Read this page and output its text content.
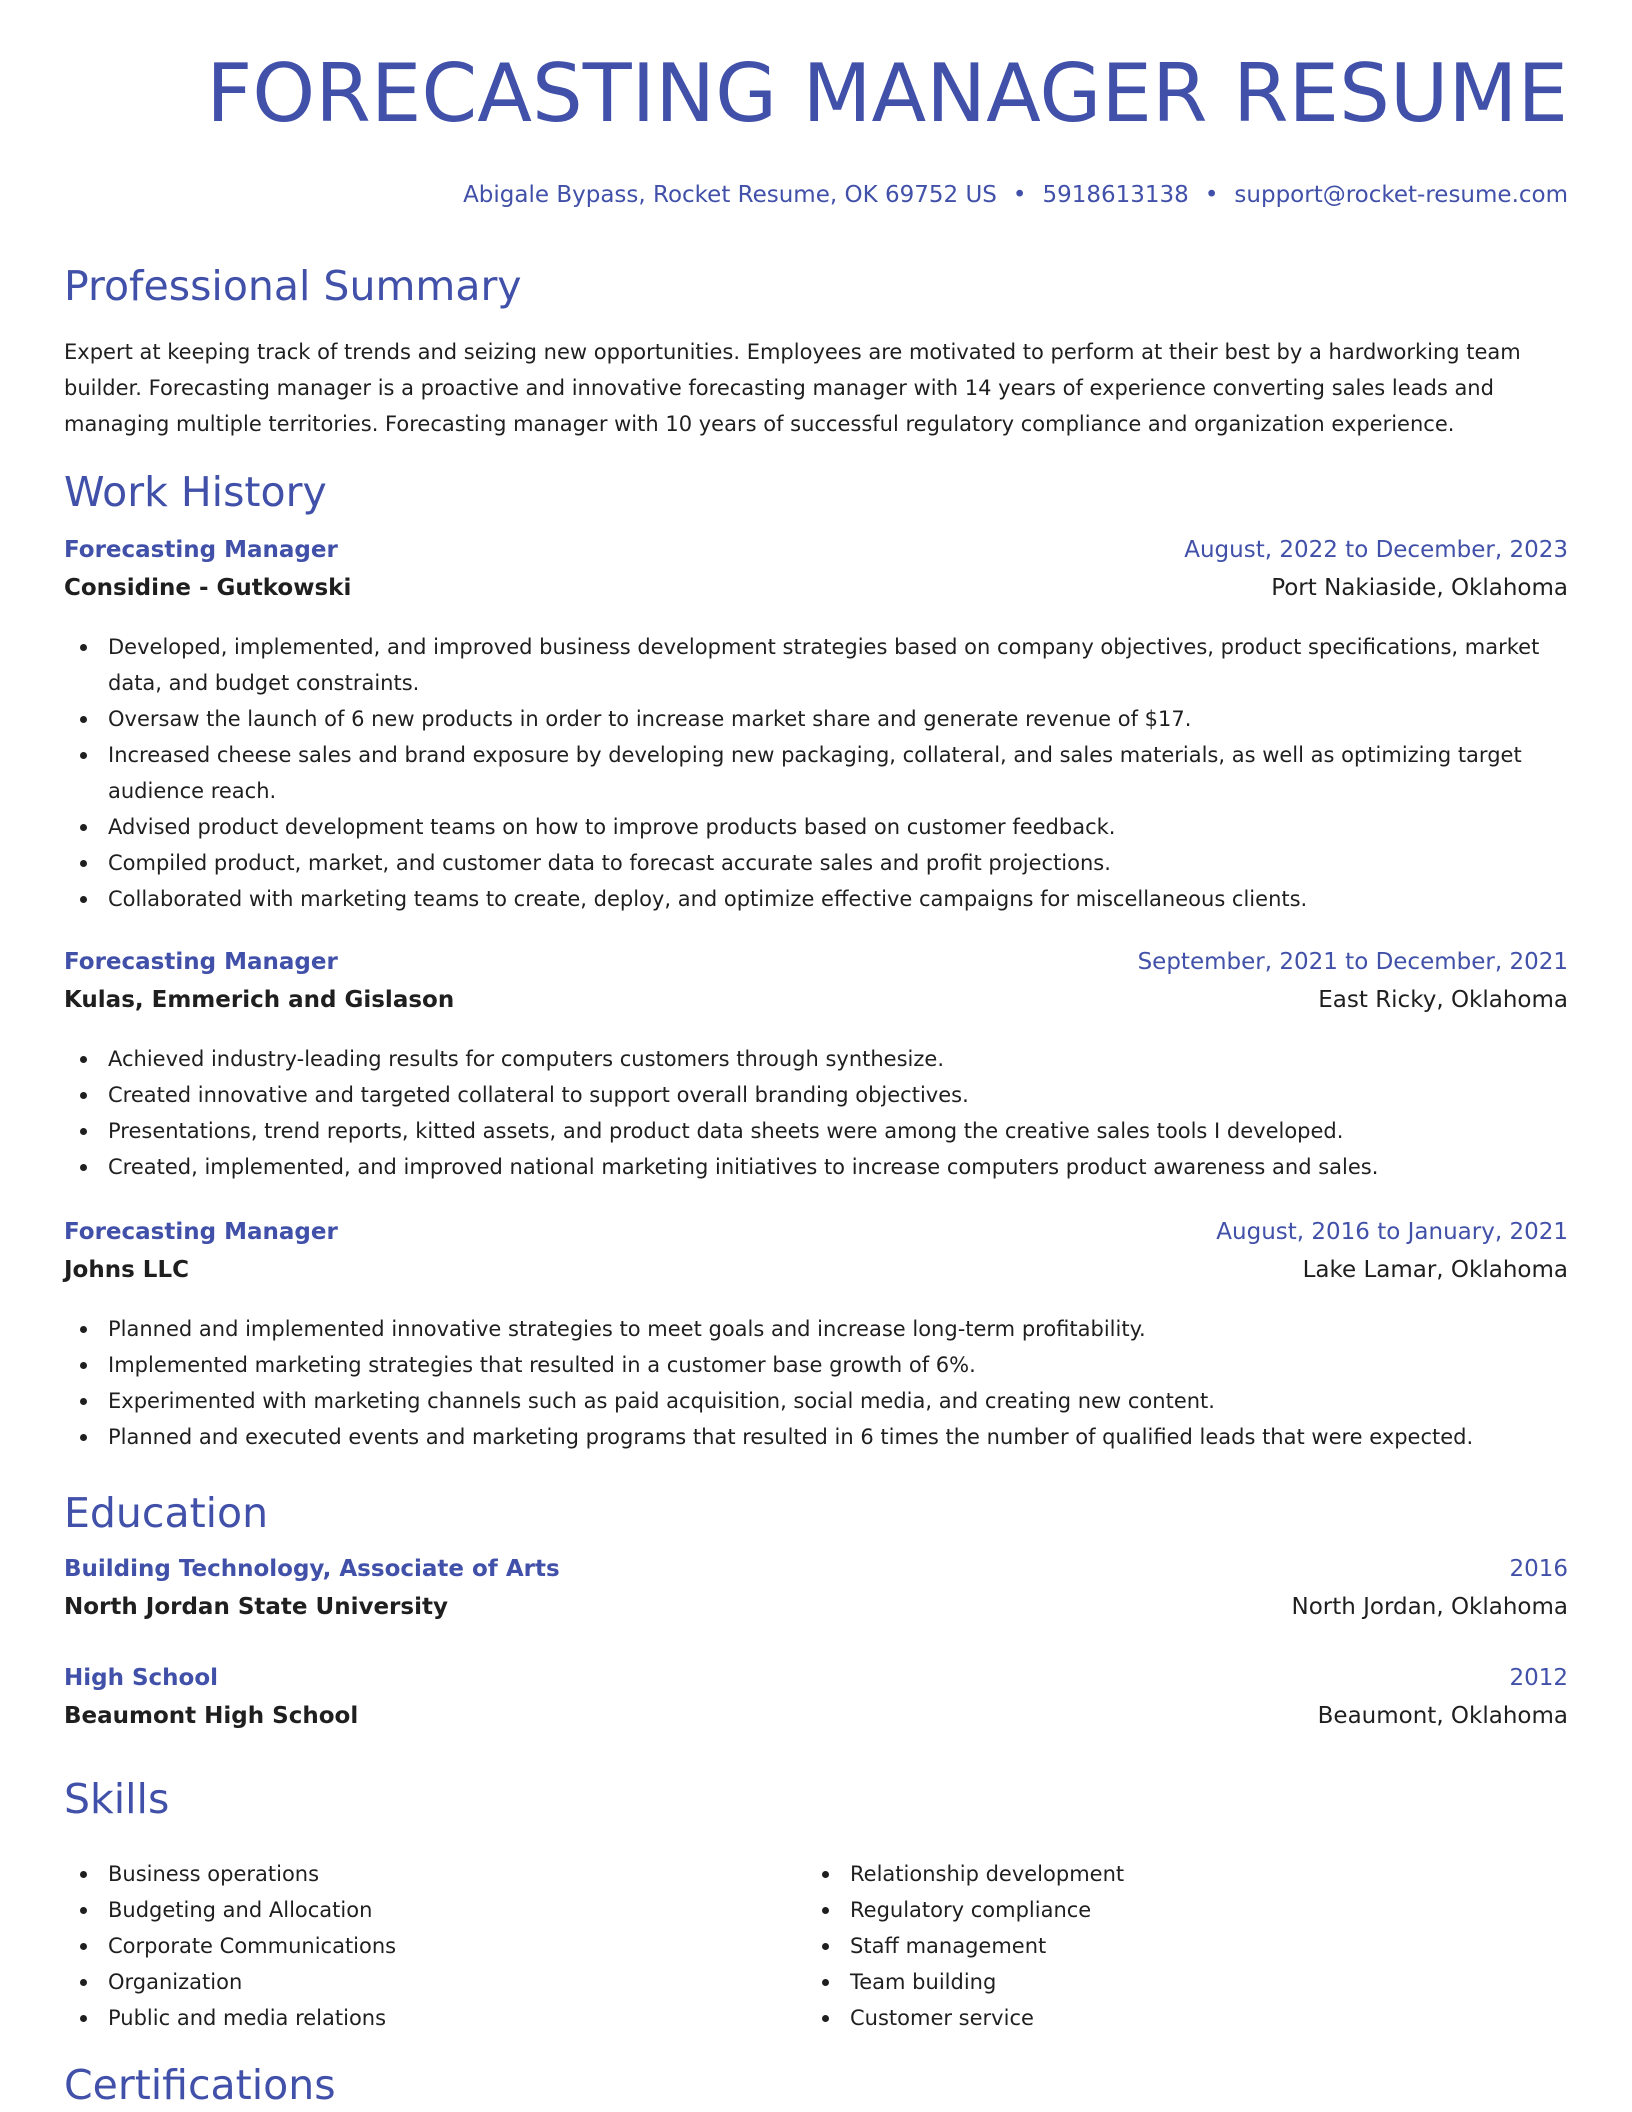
FORECASTING MANAGER RESUME
Abigale Bypass, Rocket Resume, OK 69752 US • 5918613138 • support@rocket-resume.com
Professional Summary

Expert at keeping track of trends and seizing new opportunities. Employees are motivated to perform at their best by a hardworking team builder. Forecasting manager is a proactive and innovative forecasting manager with 14 years of experience converting sales leads and managing multiple territories. Forecasting manager with 10 years of successful regulatory compliance and organization experience.

Work History
Forecasting Manager	August, 2022 to December, 2023
Considine - Gutkowski	Port Nakiaside, Oklahoma
Developed, implemented, and improved business development strategies based on company objectives, product specifications, market data, and budget constraints.
Oversaw the launch of 6 new products in order to increase market share and generate revenue of $17.
Increased cheese sales and brand exposure by developing new packaging, collateral, and sales materials, as well as optimizing target audience reach.
Advised product development teams on how to improve products based on customer feedback.
Compiled product, market, and customer data to forecast accurate sales and profit projections.
Collaborated with marketing teams to create, deploy, and optimize effective campaigns for miscellaneous clients.
Forecasting Manager	September, 2021 to December, 2021
Kulas, Emmerich and Gislason	East Ricky, Oklahoma
Achieved industry-leading results for computers customers through synthesize.
Created innovative and targeted collateral to support overall branding objectives.
Presentations, trend reports, kitted assets, and product data sheets were among the creative sales tools I developed.
Created, implemented, and improved national marketing initiatives to increase computers product awareness and sales.
Forecasting Manager	August, 2016 to January, 2021
Johns LLC	Lake Lamar, Oklahoma
Planned and implemented innovative strategies to meet goals and increase long-term profitability.
Implemented marketing strategies that resulted in a customer base growth of 6%.
Experimented with marketing channels such as paid acquisition, social media, and creating new content.
Planned and executed events and marketing programs that resulted in 6 times the number of qualified leads that were expected.
Education
Building Technology, Associate of Arts	2016
North Jordan State University	North Jordan, Oklahoma
High School	2012
Beaumont High School	Beaumont, Oklahoma
Skills
Business operations
Budgeting and Allocation
Corporate Communications
Organization
Public and media relations
Relationship development
Regulatory compliance
Staff management
Team building
Customer service
Certifications
